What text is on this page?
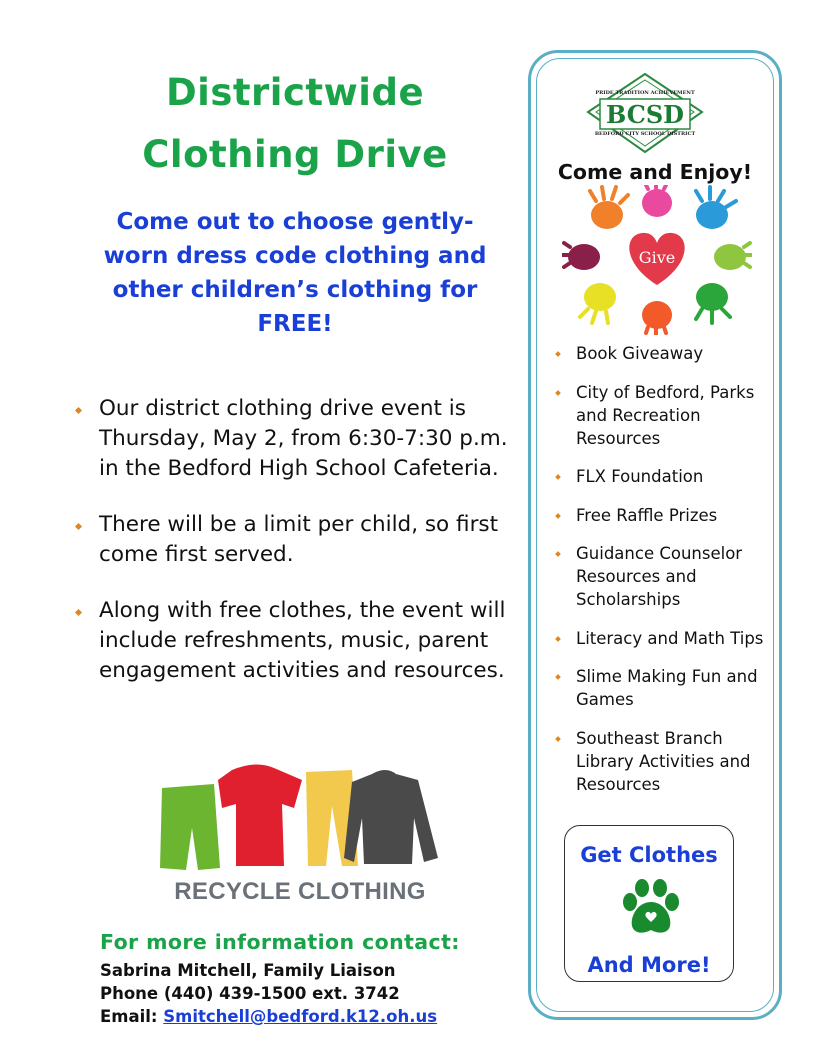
Districtwide
Clothing Drive
Come out to choose gently-
worn dress code clothing and
other children’s clothing for
FREE!
Our district clothing drive event is Thursday, May 2, from 6:30-7:30 p.m. in the Bedford High School Cafeteria.
There will be a limit per child, so first come first served.
Along with free clothes, the event will include refreshments, music, parent engagement activities and resources.
RECYCLE CLOTHING
For more information contact:
Sabrina Mitchell, Family Liaison
Phone (440) 439-1500 ext. 3742
Email: Smitchell@bedford.k12.oh.us
PRIDE TRADITION ACHIEVEMENT
BCSD
BEDFORD CITY SCHOOL DISTRICT
Come and Enjoy!
Give
Book Giveaway
City of Bedford, Parks and Recreation Resources
FLX Foundation
Free Raffle Prizes
Guidance Counselor Resources and Scholarships
Literacy and Math Tips
Slime Making Fun and Games
Southeast Branch Library Activities and Resources
Get Clothes
And More!
